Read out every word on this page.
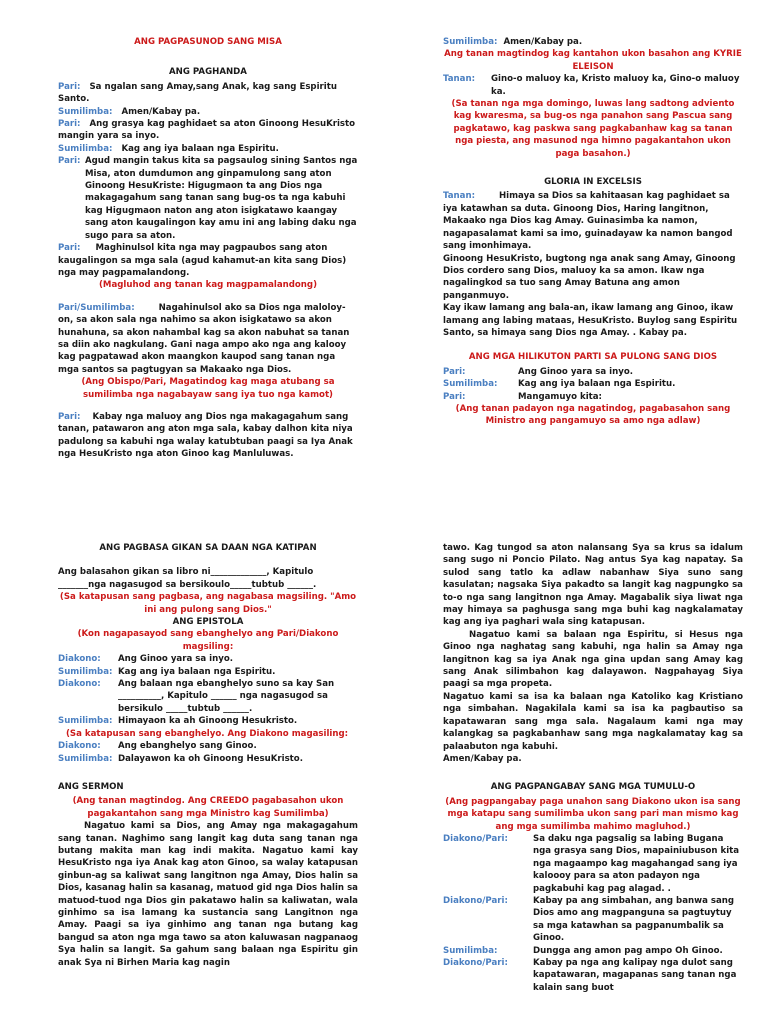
ANG PAGPASUNOD SANG MISA
ANG PAGHANDA

Pari: Sa ngalan sang Amay,sang Anak, kag sang Espiritu Santo.

Sumilimba: Amen/Kabay pa.

Pari: Ang grasya kag paghidaet sa aton Ginoong HesuKristo mangin yara sa inyo.

Sumilimba: Kag ang iya balaan nga Espiritu.

Pari: Agud mangin takus kita sa pagsaulog sining Santos nga Misa, aton dumdumon ang ginpamulong sang aton Ginoong HesuKriste: Higugmaon ta ang Dios nga makagagahum sang tanan sang bug-os ta nga kabuhi kag Higugmaon naton ang aton isigkatawo kaangay sang aton kaugalingon kay amu ini ang labing daku nga sugo para sa aton.

Pari: Maghinulsol kita nga may pagpaubos sang aton kaugalingon sa mga sala (agud kahamut-an kita sang Dios) nga may pagpamalandong.

(Magluhod ang tanan kag magpamalandong)

Pari/Sumilimba:	Nagahinulsol ako sa Dios nga maloloy-on, sa akon sala nga nahimo sa akon isigkatawo sa akon hunahuna, sa akon nahambal kag sa akon nabuhat sa tanan sa diin ako nagkulang. Gani naga ampo ako nga ang kalooy kag pagpatawad akon maangkon kaupod sang tanan nga mga santos sa pagtugyan sa Makaako nga Dios.

(Ang Obispo/Pari, Magatindog kag maga atubang sa sumilimba nga nagabayaw sang iya tuo nga kamot)

Pari: Kabay nga maluoy ang Dios nga makagagahum sang tanan, patawaron ang aton mga sala, kabay dalhon kita niya padulong sa kabuhi nga walay katubtuban paagi sa Iya Anak nga HesuKristo nga aton Ginoo kag Manluluwas.

Sumilimba: Amen/Kabay pa.

Ang tanan magtindog kag kantahon ukon basahon ang KYRIE ELEISON
Tanan:	Gino-o maluoy ka, Kristo maluoy ka, Gino-o maluoy ka.
(Sa tanan nga mga domingo, luwas lang sadtong adviento kag kwaresma, sa bug-os nga panahon sang Pascua sang pagkatawo, kag paskwa sang pagkabanhaw kag sa tanan nga piesta, ang masunod nga himno pagakantahon ukon paga basahon.)
GLORIA IN EXCELSIS

Tanan:	Himaya sa Dios sa kahitaasan kag paghidaet sa iya katawhan sa duta. Ginoong Dios, Haring langitnon, Makaako nga Dios kag Amay. Guinasimba ka namon, nagapasalamat kami sa imo, guinadayaw ka namon bangod sang imonhimaya.

Ginoong HesuKristo, bugtong nga anak sang Amay, Ginoong Dios cordero sang Dios, maluoy ka sa amon. Ikaw nga nagalingkod sa tuo sang Amay Batuna ang amon panganmuyo.

Kay ikaw lamang ang bala-an, ikaw lamang ang Ginoo, ikaw lamang ang labing mataas, HesuKristo. Buylog sang Espiritu Santo, sa himaya sang Dios nga Amay. . Kabay pa.

ANG MGA HILIKUTON PARTI SA PULONG SANG DIOS
Pari:	Ang Ginoo yara sa inyo.
Sumilimba:	Kag ang iya balaan nga Espiritu.
Pari:	Mangamuyo kita:
(Ang tanan padayon nga nagatindog, pagabasahon sang Ministro ang pangamuyo sa amo nga adlaw)
ANG PAGBASA GIKAN SA DAAN NGA KATIPAN

Ang balasahon gikan sa libro ni_____________, Kapitulo _______nga nagasugod sa bersikoulo_____tubtub ______.

(Sa katapusan sang pagbasa, ang nagabasa magsiling. "Amo ini ang pulong sang Dios."
ANG EPISTOLA
(Kon nagapasayod sang ebanghelyo ang Pari/Diakono magsiling:
Diakono:	Ang Ginoo yara sa inyo.
Sumilimba: Kag ang iya balaan nga Espiritu.
Diakono:	Ang balaan nga ebanghelyo suno sa kay San __________, Kapitulo ______ nga nagasugod sa bersikulo _____tubtub ______.
Sumilimba: Himayaon ka ah Ginoong Hesukristo.
(Sa katapusan sang ebanghelyo. Ang Diakono magasiling:
Diakono:	Ang ebanghelyo sang Ginoo.
Sumilimba: Dalayawon ka oh Ginoong HesuKristo.
ANG SERMON
(Ang tanan magtindog. Ang CREEDO pagabasahon ukon pagakantahon sang mga Ministro kag Sumilimba)

Nagatuo kami sa Dios, ang Amay nga makagagahum sang tanan. Naghimo sang langit kag duta sang tanan nga butang makita man kag indi makita. Nagatuo kami kay HesuKristo nga iya Anak kag aton Ginoo, sa walay katapusan ginbun-ag sa kaliwat sang langitnon nga Amay, Dios halin sa Dios, kasanag halin sa kasanag, matuod gid nga Dios halin sa matuod-tuod nga Dios gin pakatawo halin sa kaliwatan, wala ginhimo sa isa lamang ka sustancia sang Langitnon nga Amay. Paagi sa iya ginhimo ang tanan nga butang kag bangud sa aton nga mga tawo sa aton kaluwasan nagpanaog Sya halin sa langit. Sa gahum sang balaan nga Espiritu gin anak Sya ni Birhen Maria kag nagin

tawo. Kag tungod sa aton nalansang Sya sa krus sa idalum sang sugo ni Poncio Pilato. Nag antus Sya kag napatay. Sa sulod sang tatlo ka adlaw nabanhaw Siya suno sang kasulatan; nagsaka Siya pakadto sa langit kag nagpungko sa to-o nga sang langitnon nga Amay. Magabalik siya liwat nga may himaya sa paghusga sang mga buhi kag nagkalamatay kag ang iya paghari wala sing katapusan.

Nagatuo kami sa balaan nga Espiritu, si Hesus nga Ginoo nga naghatag sang kabuhi, nga halin sa Amay nga langitnon kag sa iya Anak nga gina updan sang Amay kag sang Anak silimbahon kag dalayawon. Nagpahayag Siya paagi sa mga propeta.

Nagatuo kami sa isa ka balaan nga Katoliko kag Kristiano nga simbahan. Nagakilala kami sa isa ka pagbautiso sa kapatawaran sang mga sala. Nagalaum kami nga may kalangkag sa pagkabanhaw sang mga nagkalamatay kag sa palaabuton nga kabuhi.

Amen/Kabay pa.

ANG PAGPANGABAY SANG MGA TUMULU-O
(Ang pagpangabay paga unahon sang Diakono ukon isa sang mga katapu sang sumilimba ukon sang pari man mismo kag ang mga sumilimba mahimo magluhod.)
Diakono/Pari:	Sa daku nga pagsalig sa labing Bugana nga grasya sang Dios, mapainiubuson kita nga magaampo kag magahangad sang iya kaloooy para sa aton padayon nga pagkabuhi kag pag alagad. .
Diakono/Pari:	Kabay pa ang simbahan, ang banwa sang Dios amo ang magpanguna sa pagtuytuy sa mga katawhan sa pagpanumbalik sa Ginoo.
Sumilimba:	Dungga ang amon pag ampo Oh Ginoo.
Diakono/Pari:	Kabay pa nga ang kalipay nga dulot sang kapatawaran, magapanas sang tanan nga kalain sang buot
